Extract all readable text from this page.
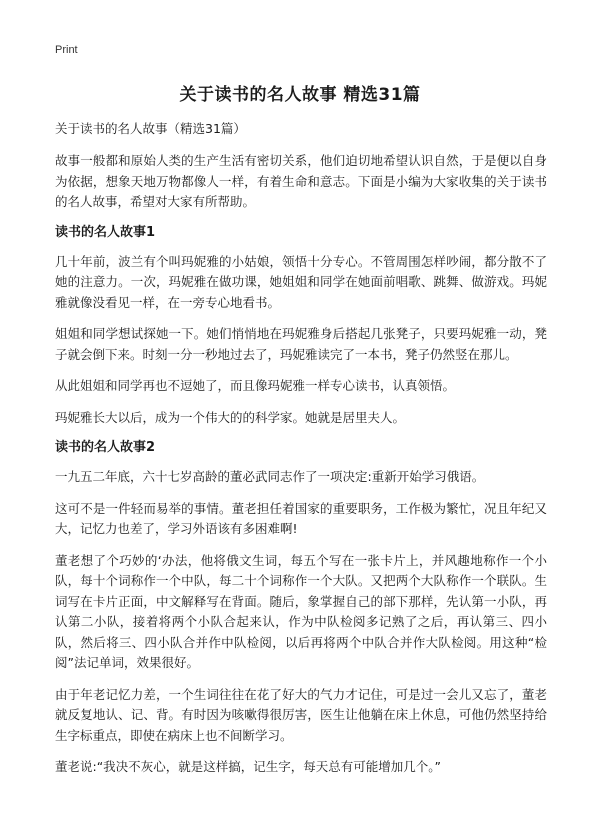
Print
关于读书的名人故事 精选31篇

关于读书的名人故事（精选31篇）

故事一般都和原始人类的生产生活有密切关系，他们迫切地希望认识自然，于是便以自身为依据，想象天地万物都像人一样，有着生命和意志。下面是小编为大家收集的关于读书的名人故事，希望对大家有所帮助。

读书的名人故事1

几十年前，波兰有个叫玛妮雅的小姑娘，领悟十分专心。不管周围怎样吵闹，都分散不了她的注意力。一次，玛妮雅在做功课，她姐姐和同学在她面前唱歌、跳舞、做游戏。玛妮雅就像没看见一样，在一旁专心地看书。

姐姐和同学想试探她一下。她们悄悄地在玛妮雅身后搭起几张凳子，只要玛妮雅一动，凳子就会倒下来。时刻一分一秒地过去了，玛妮雅读完了一本书，凳子仍然竖在那儿。

从此姐姐和同学再也不逗她了，而且像玛妮雅一样专心读书，认真领悟。

玛妮雅长大以后，成为一个伟大的的科学家。她就是居里夫人。

读书的名人故事2

一九五二年底，六十七岁高龄的董必武同志作了一项决定:重新开始学习俄语。

这可不是一件轻而易举的事情。董老担任着国家的重要职务，工作极为繁忙，况且年纪又大，记忆力也差了，学习外语该有多困难啊!

董老想了个巧妙的‘办法，他将俄文生词，每五个写在一张卡片上，并风趣地称作一个小队，每十个词称作一个中队，每二十个词称作一个大队。又把两个大队称作一个联队。生词写在卡片正面，中文解释写在背面。随后，象掌握自己的部下那样，先认第一小队，再认第二小队，接着将两个小队合起来认，作为中队检阅多记熟了之后，再认第三、四小队，然后将三、四小队合并作中队检阅，以后再将两个中队合并作大队检阅。用这种“检阅”法记单词，效果很好。

由于年老记忆力差，一个生词往往在花了好大的气力才记住，可是过一会儿又忘了，董老就反复地认、记、背。有时因为咳嗽得很厉害，医生让他躺在床上休息，可他仍然坚持给生字标重点，即使在病床上也不间断学习。

董老说:“我决不灰心，就是这样搞，记生字，每天总有可能增加几个。”
